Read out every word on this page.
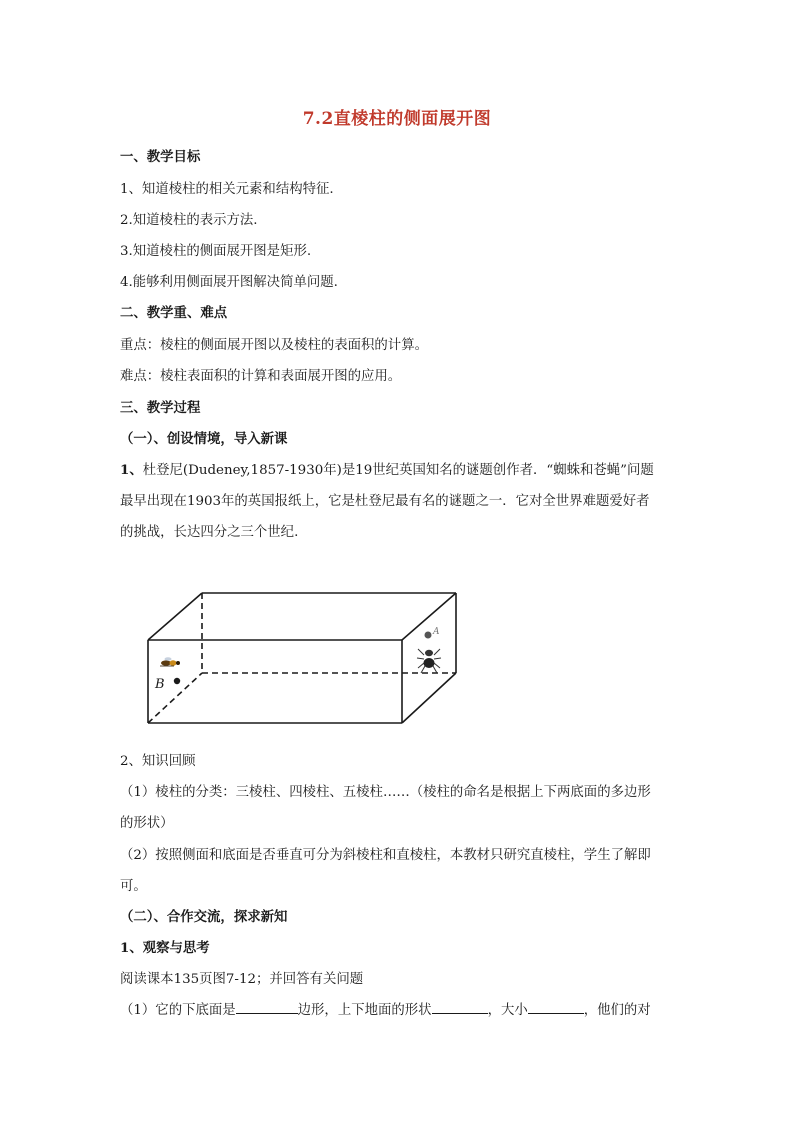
7.2直棱柱的侧面展开图
一、教学目标
1、知道棱柱的相关元素和结构特征.
2.知道棱柱的表示方法.
3.知道棱柱的侧面展开图是矩形.
4.能够利用侧面展开图解决简单问题.
二、教学重、难点
重点：棱柱的侧面展开图以及棱柱的表面积的计算。
难点：棱柱表面积的计算和表面展开图的应用。
三、教学过程
（一）、创设情境，导入新课
1、杜登尼(Dudeney,1857-1930年)是19世纪英国知名的谜题创作者．“蜘蛛和苍蝇”问题
最早出现在1903年的英国报纸上，它是杜登尼最有名的谜题之一．它对全世界难题爱好者
的挑战，长达四分之三个世纪.
B
A
2、知识回顾
（1）棱柱的分类：三棱柱、四棱柱、五棱柱……（棱柱的命名是根据上下两底面的多边形
的形状）
（2）按照侧面和底面是否垂直可分为斜棱柱和直棱柱，本教材只研究直棱柱，学生了解即
可。
（二）、合作交流，探求新知
1、观察与思考
阅读课本135页图7-12；并回答有关问题
（1）它的下底面是	边形，上下地面的形状	，大小	，他们的对
